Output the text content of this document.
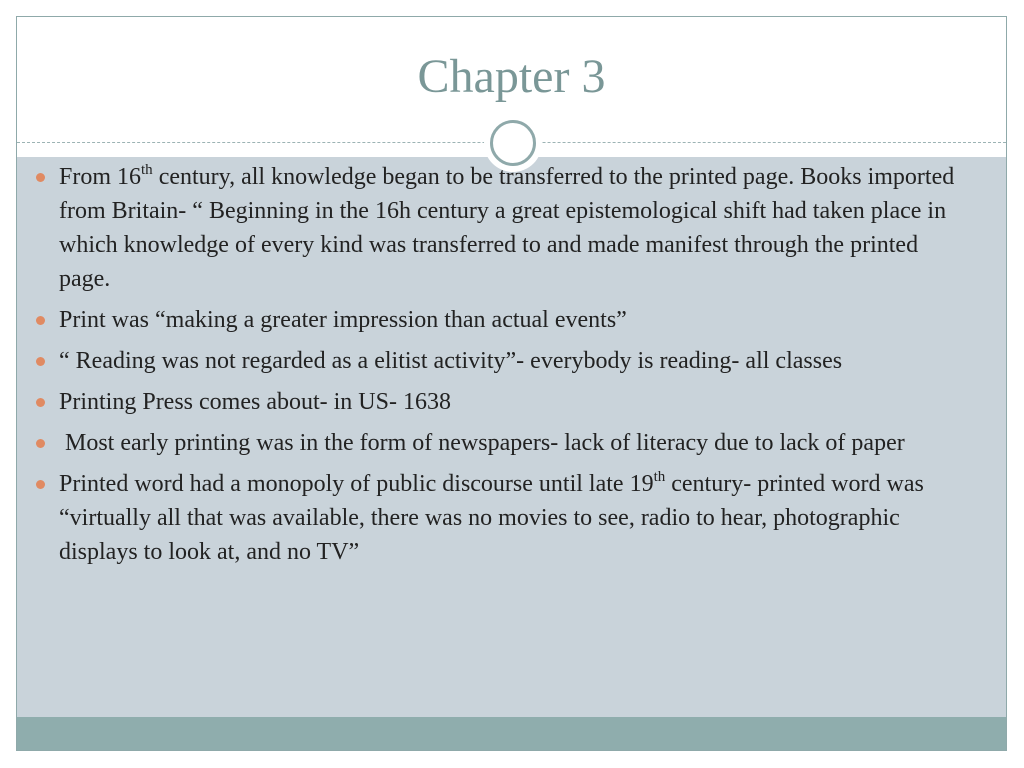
Chapter 3
From 16th century, all knowledge began to be transferred to the printed page. Books imported from Britain- “ Beginning in the 16h century a great epistemological shift had taken place in which knowledge of every kind was transferred to and made manifest through the printed page.
Print was “making a greater impression than actual events”
“ Reading was not regarded as a elitist activity”- everybody is reading- all classes
Printing Press comes about- in US- 1638
Most early printing was in the form of newspapers- lack of literacy due to lack of paper
Printed word had a monopoly of public discourse until late 19th century- printed word was “virtually all that was available, there was no movies to see, radio to hear, photographic displays to look at, and no TV”
